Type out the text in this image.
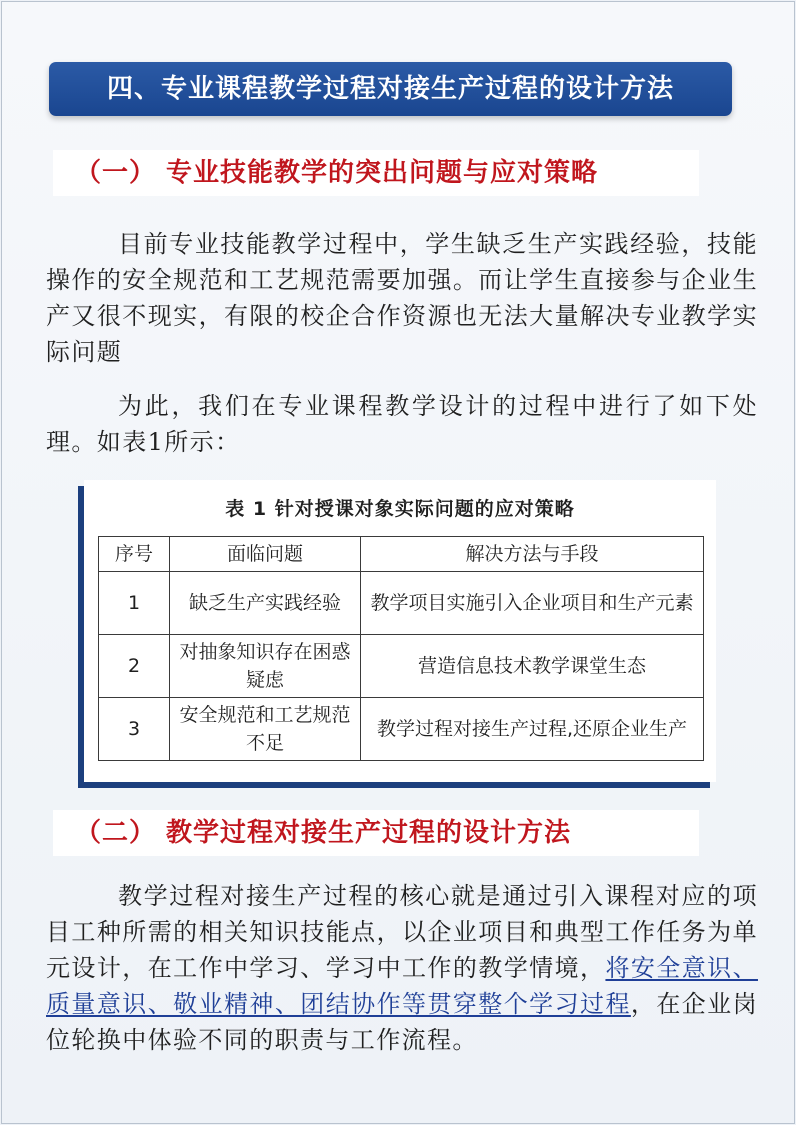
四、专业课程教学过程对接生产过程的设计方法
（一） 专业技能教学的突出问题与应对策略

目前专业技能教学过程中，学生缺乏生产实践经验，技能操作的安全规范和工艺规范需要加强。而让学生直接参与企业生产又很不现实，有限的校企合作资源也无法大量解决专业教学实际问题

为此，我们在专业课程教学设计的过程中进行了如下处理。如表1所示：

表 1 针对授课对象实际问题的应对策略
序号	面临问题	解决方法与手段
1	缺乏生产实践经验	教学项目实施引入企业项目和生产元素
2	对抽象知识存在困惑疑虑	营造信息技术教学课堂生态
3	安全规范和工艺规范不足	教学过程对接生产过程,还原企业生产
（二） 教学过程对接生产过程的设计方法

教学过程对接生产过程的核心就是通过引入课程对应的项目工种所需的相关知识技能点，以企业项目和典型工作任务为单元设计，在工作中学习、学习中工作的教学情境，将安全意识、质量意识、敬业精神、团结协作等贯穿整个学习过程，在企业岗位轮换中体验不同的职责与工作流程。
